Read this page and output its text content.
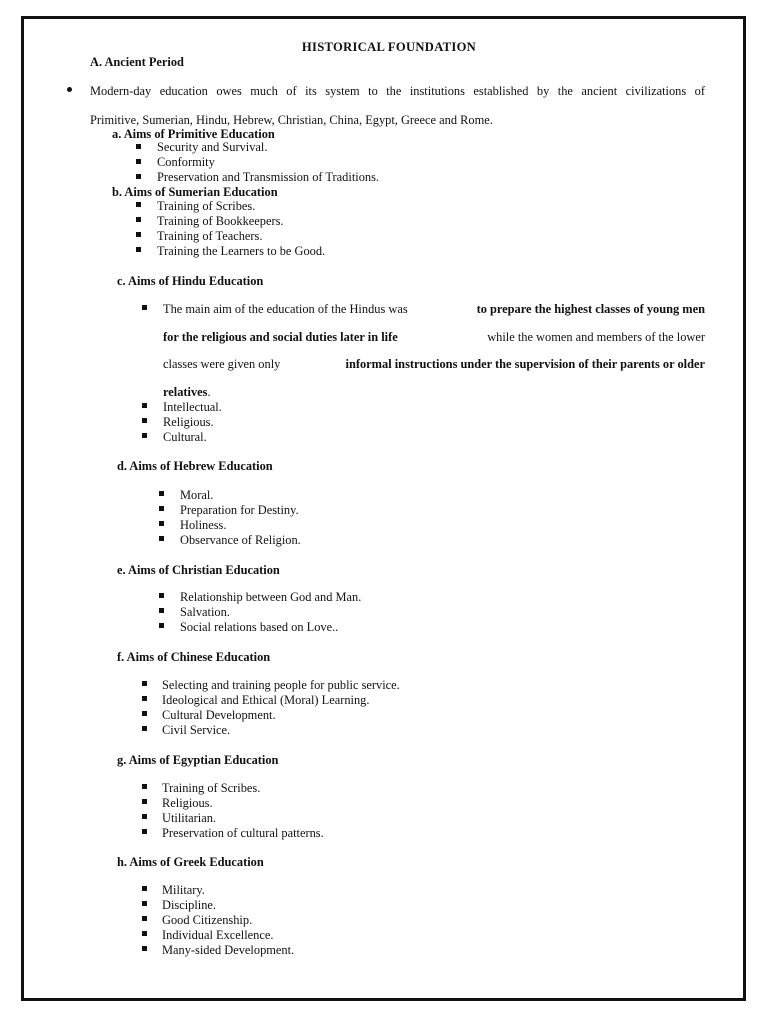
HISTORICAL FOUNDATION
A. Ancient Period
Modern-day education owes much of its system to the institutions established by the ancient civilizations of
Primitive, Sumerian, Hindu, Hebrew, Christian, China, Egypt, Greece and Rome.
a. Aims of Primitive Education
Security and Survival.
Conformity
Preservation and Transmission of Traditions.
b. Aims of Sumerian Education
Training of Scribes.
Training of Bookkeepers.
Training of Teachers.
Training the Learners to be Good.
c. Aims of Hindu Education
The main aim of the education of the Hindus was	to prepare the highest classes of young men
for the religious and social duties later in life	while the women and members of the lower
classes were given only	informal instructions under the supervision of their parents or older
relatives.
Intellectual.
Religious.
Cultural.
d. Aims of Hebrew Education
Moral.
Preparation for Destiny.
Holiness.
Observance of Religion.
e. Aims of Christian Education
Relationship between God and Man.
Salvation.
Social relations based on Love..
f. Aims of Chinese Education
Selecting and training people for public service.
Ideological and Ethical (Moral) Learning.
Cultural Development.
Civil Service.
g. Aims of Egyptian Education
Training of Scribes.
Religious.
Utilitarian.
Preservation of cultural patterns.
h. Aims of Greek Education
Military.
Discipline.
Good Citizenship.
Individual Excellence.
Many-sided Development.
